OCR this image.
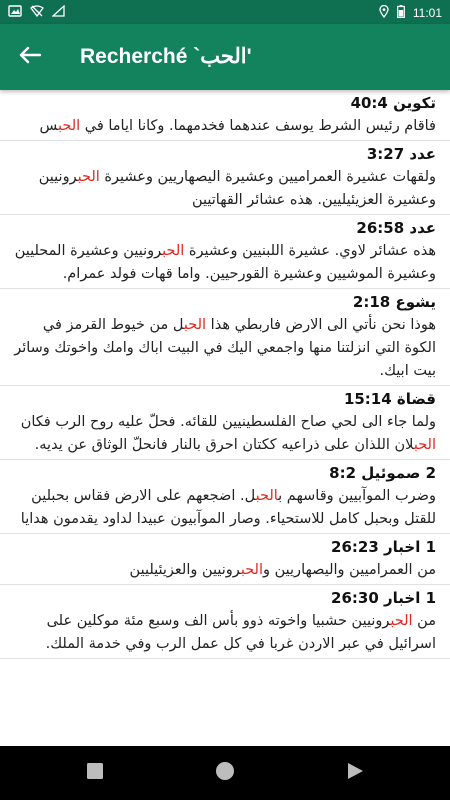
11:01
Recherché `الحب'
تكوين 40:4
فاقام رئيس الشرط يوسف عندهما فخدمهما. وكانا اياما في الحبس
عدد 3:27
ولقهات عشيرة العمراميين وعشيرة اليصهاريين وعشيرة الحبرونيين وعشيرة العزيئيليين. هذه عشائر القهاتيين
عدد 26:58
هذه عشائر لاوي. عشيرة اللبنيين وعشيرة الحبرونيين وعشيرة المحليين وعشيرة الموشيين وعشيرة القورحيين. واما قهات فولد عمرام.
يشوع 2:18
هوذا نحن نأتي الى الارض فاربطي هذا الحبل من خيوط القرمز في الكوة التي انزلتنا منها واجمعي اليك في البيت اباك وامك واخوتك وسائر بيت ابيك.
قضاة 15:14
ولما جاء الى لحي صاح الفلسطينيين للقائه. فحلّ عليه روح الرب فكان الحبلان اللذان على ذراعيه ككتان احرق بالنار فانحلّ الوثاق عن يديه.
2 صموئيل 8:2
وضرب الموآبيين وقاسهم بالحبل. اضجعهم على الارض فقاس بحبلين للقتل وبحبل كامل للاستحياء. وصار الموآبيون عبيدا لداود يقدمون هدايا
1 اخبار 26:23
من العمراميين واليصهاريين والحبرونيين والعزيئيليين
1 اخبار 26:30
من الحبرونيين حشبيا واخوته ذوو بأس الف وسبع مئة موكلين على اسرائيل في عبر الاردن غربا في كل عمل الرب وفي خدمة الملك.
